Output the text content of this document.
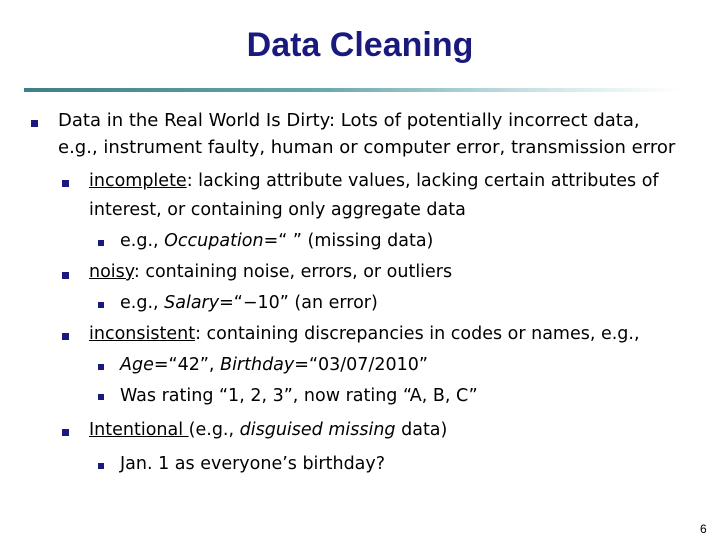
Data Cleaning
Data in the Real World Is Dirty: Lots of potentially incorrect data,
e.g., instrument faulty, human or computer error, transmission error
incomplete: lacking attribute values, lacking certain attributes of
interest, or containing only aggregate data
e.g., Occupation=“ ” (missing data)
noisy: containing noise, errors, or outliers
e.g., Salary=“−10” (an error)
inconsistent: containing discrepancies in codes or names, e.g.,
Age=“42”, Birthday=“03/07/2010”
Was rating “1, 2, 3”, now rating “A, B, C”
Intentional (e.g., disguised missing data)
Jan. 1 as everyone’s birthday?
6
